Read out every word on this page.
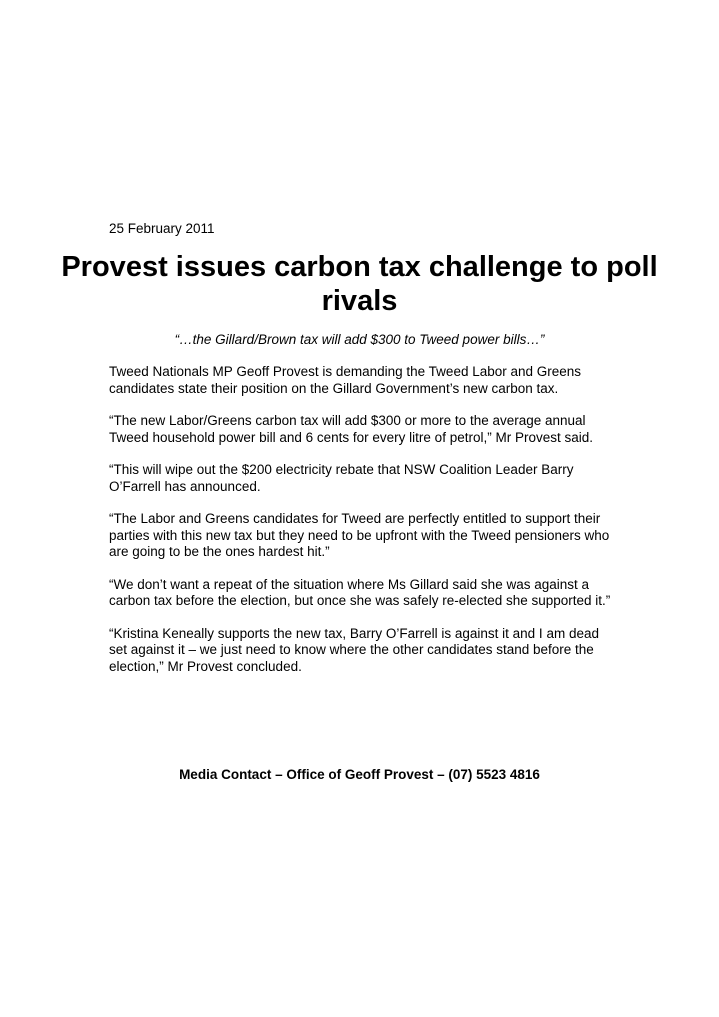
25 February 2011
Provest issues carbon tax challenge to poll rivals
“…the Gillard/Brown tax will add $300 to Tweed power bills…”

Tweed Nationals MP Geoff Provest is demanding the Tweed Labor and Greens candidates state their position on the Gillard Government’s new carbon tax.

“The new Labor/Greens carbon tax will add $300 or more to the average annual Tweed household power bill and 6 cents for every litre of petrol,” Mr Provest said.

“This will wipe out the $200 electricity rebate that NSW Coalition Leader Barry O’Farrell has announced.

“The Labor and Greens candidates for Tweed are perfectly entitled to support their parties with this new tax but they need to be upfront with the Tweed pensioners who are going to be the ones hardest hit.”

“We don’t want a repeat of the situation where Ms Gillard said she was against a carbon tax before the election, but once she was safely re-elected she supported it.”

“Kristina Keneally supports the new tax, Barry O’Farrell is against it and I am dead set against it – we just need to know where the other candidates stand before the election,” Mr Provest concluded.

Media Contact – Office of Geoff Provest – (07) 5523 4816
